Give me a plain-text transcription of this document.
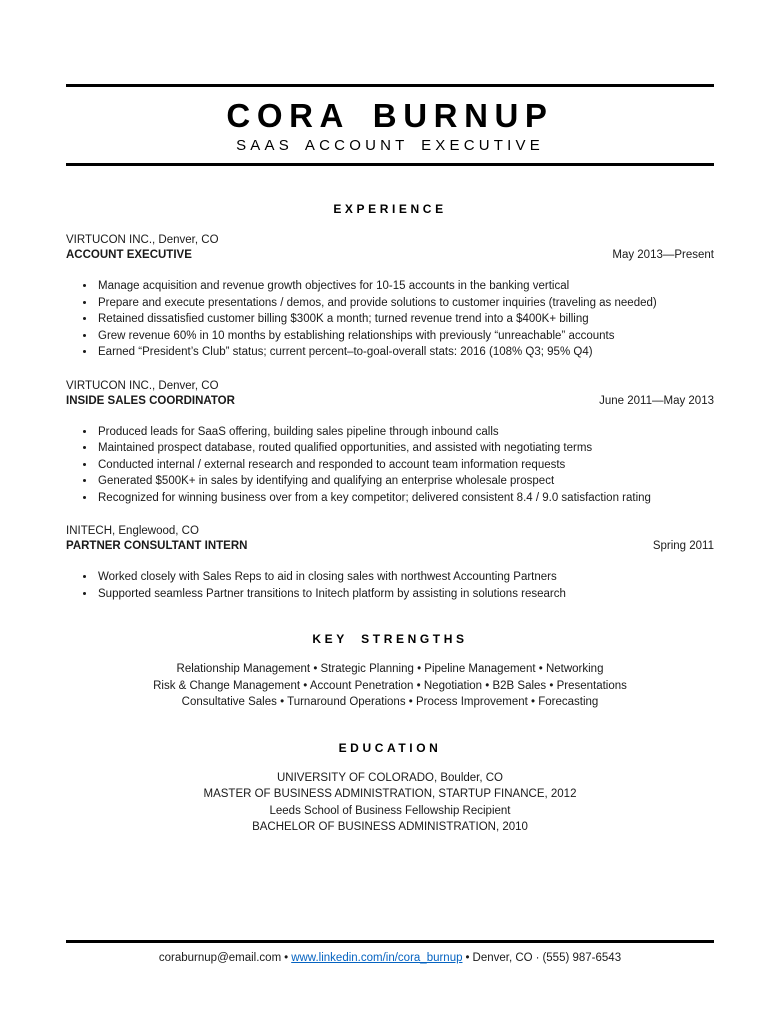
CORA BURNUP
SAAS ACCOUNT EXECUTIVE
EXPERIENCE
VIRTUCON INC., Denver, CO
ACCOUNT EXECUTIVE	May 2013—Present
• Manage acquisition and revenue growth objectives for 10-15 accounts in the banking vertical
• Prepare and execute presentations / demos, and provide solutions to customer inquiries (traveling as needed)
• Retained dissatisfied customer billing $300K a month; turned revenue trend into a $400K+ billing
• Grew revenue 60% in 10 months by establishing relationships with previously “unreachable” accounts
• Earned “President’s Club” status; current percent–to-goal-overall stats: 2016 (108% Q3; 95% Q4)
VIRTUCON INC., Denver, CO
INSIDE SALES COORDINATOR	June 2011—May 2013
• Produced leads for SaaS offering, building sales pipeline through inbound calls
• Maintained prospect database, routed qualified opportunities, and assisted with negotiating terms
• Conducted internal / external research and responded to account team information requests
• Generated $500K+ in sales by identifying and qualifying an enterprise wholesale prospect
• Recognized for winning business over from a key competitor; delivered consistent 8.4 / 9.0 satisfaction rating
INITECH, Englewood, CO
PARTNER CONSULTANT INTERN	Spring 2011
• Worked closely with Sales Reps to aid in closing sales with northwest Accounting Partners
• Supported seamless Partner transitions to Initech platform by assisting in solutions research
KEY STRENGTHS
Relationship Management • Strategic Planning • Pipeline Management • Networking
Risk & Change Management • Account Penetration • Negotiation • B2B Sales • Presentations
Consultative Sales • Turnaround Operations • Process Improvement • Forecasting
EDUCATION
UNIVERSITY OF COLORADO, Boulder, CO
MASTER OF BUSINESS ADMINISTRATION, STARTUP FINANCE, 2012
Leeds School of Business Fellowship Recipient
BACHELOR OF BUSINESS ADMINISTRATION, 2010
coraburnup@email.com • www.linkedin.com/in/cora_burnup • Denver, CO · (555) 987-6543
